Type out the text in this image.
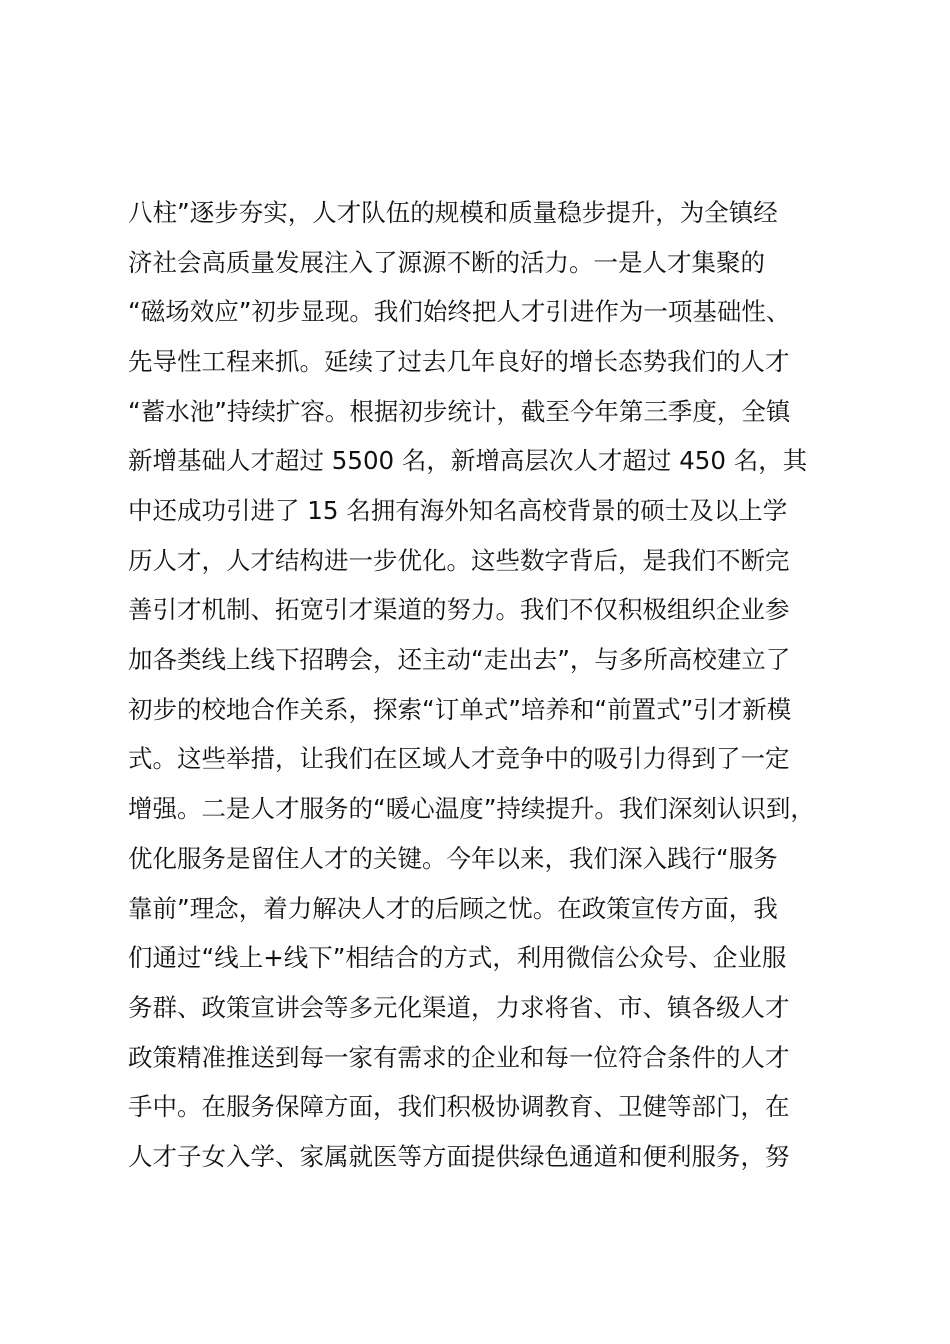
八柱”逐步夯实，人才队伍的规模和质量稳步提升，为全镇经
济社会高质量发展注入了源源不断的活力。一是人才集聚的
“磁场效应”初步显现。我们始终把人才引进作为一项基础性、
先导性工程来抓。延续了过去几年良好的增长态势我们的人才
“蓄水池”持续扩容。根据初步统计，截至今年第三季度，全镇
新增基础人才超过 5500 名，新增高层次人才超过 450 名，其
中还成功引进了 15 名拥有海外知名高校背景的硕士及以上学
历人才，人才结构进一步优化。这些数字背后，是我们不断完
善引才机制、拓宽引才渠道的努力。我们不仅积极组织企业参
加各类线上线下招聘会，还主动“走出去”，与多所高校建立了
初步的校地合作关系，探索“订单式”培养和“前置式”引才新模
式。这些举措，让我们在区域人才竞争中的吸引力得到了一定
增强。二是人才服务的“暖心温度”持续提升。我们深刻认识到，
优化服务是留住人才的关键。今年以来，我们深入践行“服务
靠前”理念，着力解决人才的后顾之忧。在政策宣传方面，我
们通过“线上+线下”相结合的方式，利用微信公众号、企业服
务群、政策宣讲会等多元化渠道，力求将省、市、镇各级人才
政策精准推送到每一家有需求的企业和每一位符合条件的人才
手中。在服务保障方面，我们积极协调教育、卫健等部门，在
人才子女入学、家属就医等方面提供绿色通道和便利服务，努
